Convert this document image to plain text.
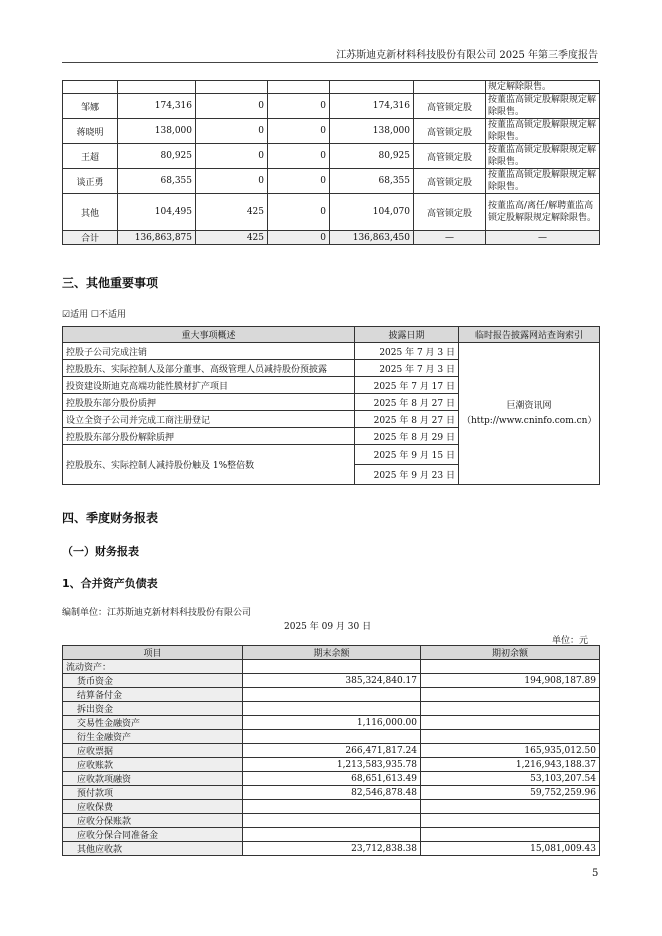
江苏斯迪克新材料科技股份有限公司 2025 年第三季度报告
						规定解除限售。
邹娜	174,316	0	0	174,316	高管锁定股	按董监高锁定股解限规定解除限售。
蒋晓明	138,000	0	0	138,000	高管锁定股	按董监高锁定股解限规定解除限售。
王超	80,925	0	0	80,925	高管锁定股	按董监高锁定股解限规定解除限售。
谈正勇	68,355	0	0	68,355	高管锁定股	按董监高锁定股解限规定解除限售。
其他	104,495	425	0	104,070	高管锁定股	按董监高/离任/解聘董监高锁定股解限规定解除限售。
合计	136,863,875	425	0	136,863,450	—	—
三、其他重要事项
☑适用 ☐不适用
重大事项概述	披露日期	临时报告披露网站查询索引
控股子公司完成注销	2025 年 7 月 3 日	巨潮资讯网
（http://www.cninfo.com.cn）

控股股东、实际控制人及部分董事、高级管理人员减持股份预披露	2025 年 7 月 3 日	
投资建设斯迪克高端功能性膜材扩产项目	2025 年 7 月 17 日	
控股股东部分股份质押	2025 年 8 月 27 日	
设立全资子公司并完成工商注册登记	2025 年 8 月 27 日	
控股股东部分股份解除质押	2025 年 8 月 29 日	
控股股东、实际控制人减持股份触及 1%整倍数	2025 年 9 月 15 日	
	2025 年 9 月 23 日	
四、季度财务报表
（一）财务报表
1、合并资产负债表
编制单位：江苏斯迪克新材料科技股份有限公司
2025 年 09 月 30 日
单位：元
项目	期末余额	期初余额
流动资产：		
货币资金	385,324,840.17	194,908,187.89
结算备付金		
拆出资金		
交易性金融资产	1,116,000.00	
衍生金融资产		
应收票据	266,471,817.24	165,935,012.50
应收账款	1,213,583,935.78	1,216,943,188.37
应收款项融资	68,651,613.49	53,103,207.54
预付款项	82,546,878.48	59,752,259.96
应收保费		
应收分保账款		
应收分保合同准备金		
其他应收款	23,712,838.38	15,081,009.43
5
